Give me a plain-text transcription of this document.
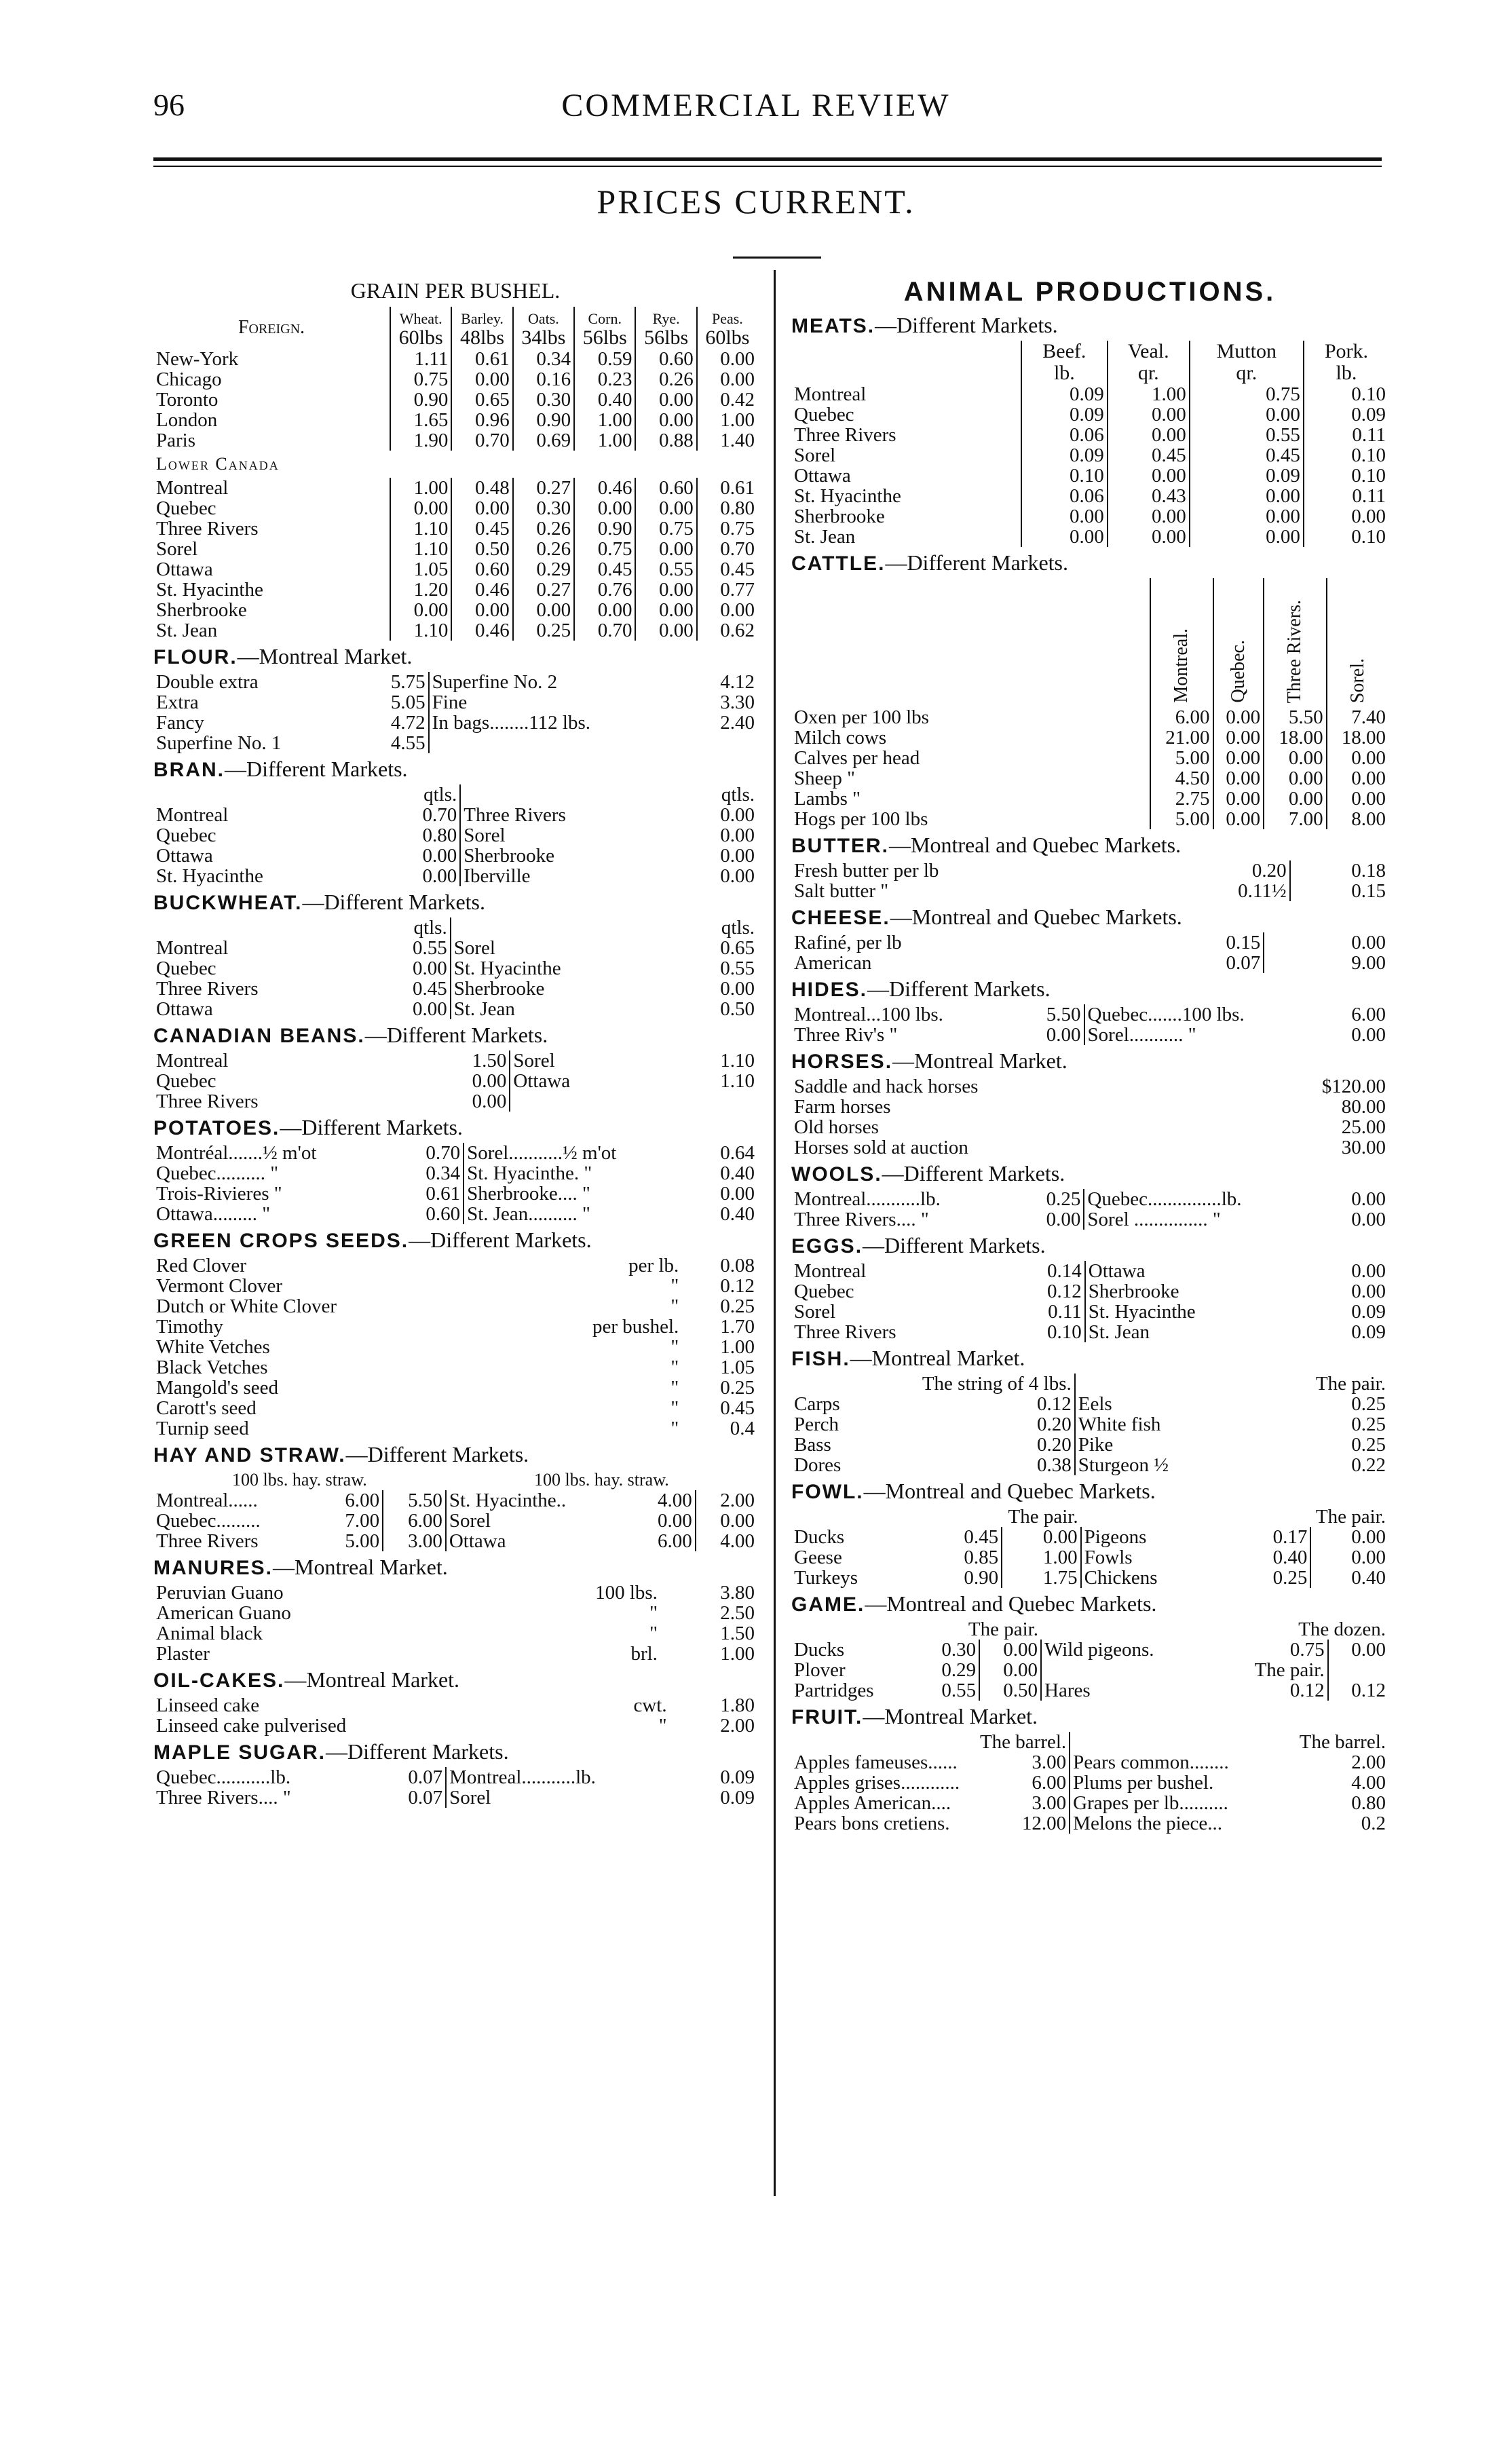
96	COMMERCIAL REVIEW
PRICES CURRENT.
GRAIN PER BUSHEL.
Foreign.	Wheat.	Barley.	Oats.	Corn.	Rye.	Peas.
	60lbs	48lbs	34lbs	56lbs	56lbs	60lbs
New-York	1.11	0.61	0.34	0.59	0.60	0.00
Chicago	0.75	0.00	0.16	0.23	0.26	0.00
Toronto	0.90	0.65	0.30	0.40	0.00	0.42
London	1.65	0.96	0.90	1.00	0.00	1.00
Paris	1.90	0.70	0.69	1.00	0.88	1.40
Lower Canada						
Montreal	1.00	0.48	0.27	0.46	0.60	0.61
Quebec	0.00	0.00	0.30	0.00	0.00	0.80
Three Rivers	1.10	0.45	0.26	0.90	0.75	0.75
Sorel	1.10	0.50	0.26	0.75	0.00	0.70
Ottawa	1.05	0.60	0.29	0.45	0.55	0.45
St. Hyacinthe	1.20	0.46	0.27	0.76	0.00	0.77
Sherbrooke	0.00	0.00	0.00	0.00	0.00	0.00
St. Jean	1.10	0.46	0.25	0.70	0.00	0.62
FLOUR.—Montreal Market.
Double extra	5.75	Superfine No. 2	4.12
Extra	5.05	Fine	3.30
Fancy	4.72	In bags........112 lbs.	2.40
Superfine No. 1	4.55		
BRAN.—Different Markets.
	qtls.		qtls.
Montreal	0.70	Three Rivers	0.00
Quebec	0.80	Sorel	0.00
Ottawa	0.00	Sherbrooke	0.00
St. Hyacinthe	0.00	Iberville	0.00
BUCKWHEAT.—Different Markets.
	qtls.		qtls.
Montreal	0.55	Sorel	0.65
Quebec	0.00	St. Hyacinthe	0.55
Three Rivers	0.45	Sherbrooke	0.00
Ottawa	0.00	St. Jean	0.50
CANADIAN BEANS.—Different Markets.
Montreal	1.50	Sorel	1.10
Quebec	0.00	Ottawa	1.10
Three Rivers	0.00		
POTATOES.—Different Markets.
Montréal.......½ m'ot	0.70	Sorel...........½ m'ot	0.64
Quebec.......... "	0.34	St. Hyacinthe. "	0.40
Trois-Rivieres "	0.61	Sherbrooke.... "	0.00
Ottawa......... "	0.60	St. Jean.......... "	0.40
GREEN CROPS SEEDS.—Different Markets.
Red Clover	per lb.	0.08
Vermont Clover	"	0.12
Dutch or White Clover	"	0.25
Timothy	per bushel.	1.70
White Vetches	"	1.00
Black Vetches	"	1.05
Mangold's seed	"	0.25
Carott's seed	"	0.45
Turnip seed	"	0.4
HAY AND STRAW.—Different Markets.
100 lbs. hay. straw.			100 lbs. hay. straw.		
Montreal......	6.00	5.50	St. Hyacinthe..	4.00	2.00
Quebec.........	7.00	6.00	Sorel	0.00	0.00
Three Rivers	5.00	3.00	Ottawa	6.00	4.00
MANURES.—Montreal Market.
Peruvian Guano	100 lbs.	3.80
American Guano	"	2.50
Animal black	"	1.50
Plaster	brl.	1.00
OIL-CAKES.—Montreal Market.
Linseed cake	cwt.	1.80
Linseed cake pulverised	"	2.00
MAPLE SUGAR.—Different Markets.
Quebec...........lb.	0.07	Montreal...........lb.	0.09
Three Rivers.... "	0.07	Sorel	0.09
ANIMAL PRODUCTIONS.
MEATS.—Different Markets.
	Beef.	Veal.	Mutton	Pork.
	lb.	qr.	qr.	lb.
Montreal	0.09	1.00	0.75	0.10
Quebec	0.09	0.00	0.00	0.09
Three Rivers	0.06	0.00	0.55	0.11
Sorel	0.09	0.45	0.45	0.10
Ottawa	0.10	0.00	0.09	0.10
St. Hyacinthe	0.06	0.43	0.00	0.11
Sherbrooke	0.00	0.00	0.00	0.00
St. Jean	0.00	0.00	0.00	0.10
CATTLE.—Different Markets.
	Montreal.	Quebec.	Three Rivers.	Sorel.
Oxen per 100 lbs	6.00	0.00	5.50	7.40
Milch cows	21.00	0.00	18.00	18.00
Calves per head	5.00	0.00	0.00	0.00
Sheep "	4.50	0.00	0.00	0.00
Lambs "	2.75	0.00	0.00	0.00
Hogs per 100 lbs	5.00	0.00	7.00	8.00
BUTTER.—Montreal and Quebec Markets.
Fresh butter per lb	0.20	0.18
Salt butter "	0.11½	0.15
CHEESE.—Montreal and Quebec Markets.
Rafiné, per lb	0.15	0.00
American	0.07	9.00
HIDES.—Different Markets.
Montreal...100 lbs.	5.50	Quebec.......100 lbs.	6.00
Three Riv's "	0.00	Sorel........... "	0.00
HORSES.—Montreal Market.
Saddle and hack horses	$120.00
Farm horses	80.00
Old horses	25.00
Horses sold at auction	30.00
WOOLS.—Different Markets.
Montreal...........lb.	0.25	Quebec...............lb.	0.00
Three Rivers.... "	0.00	Sorel ............... "	0.00
EGGS.—Different Markets.
Montreal	0.14	Ottawa	0.00
Quebec	0.12	Sherbrooke	0.00
Sorel	0.11	St. Hyacinthe	0.09
Three Rivers	0.10	St. Jean	0.09
FISH.—Montreal Market.
The string of 4 lbs.			The pair.
Carps	0.12	Eels	0.25
Perch	0.20	White fish	0.25
Bass	0.20	Pike	0.25
Dores	0.38	Sturgeon ½	0.22
FOWL.—Montreal and Quebec Markets.
The pair.			The pair.		
Ducks	0.45	0.00	Pigeons	0.17	0.00
Geese	0.85	1.00	Fowls	0.40	0.00
Turkeys	0.90	1.75	Chickens	0.25	0.40
GAME.—Montreal and Quebec Markets.
The pair.			The dozen.		
Ducks	0.30	0.00	Wild pigeons.	0.75	0.00
Plover	0.29	0.00		The pair.	
Partridges	0.55	0.50	Hares	0.12	0.12
FRUIT.—Montreal Market.
The barrel.			The barrel.
Apples fameuses......	3.00	Pears common........	2.00
Apples grises............	6.00	Plums per bushel.	4.00
Apples American....	3.00	Grapes per lb..........	0.80
Pears bons cretiens.	12.00	Melons the piece...	0.2
